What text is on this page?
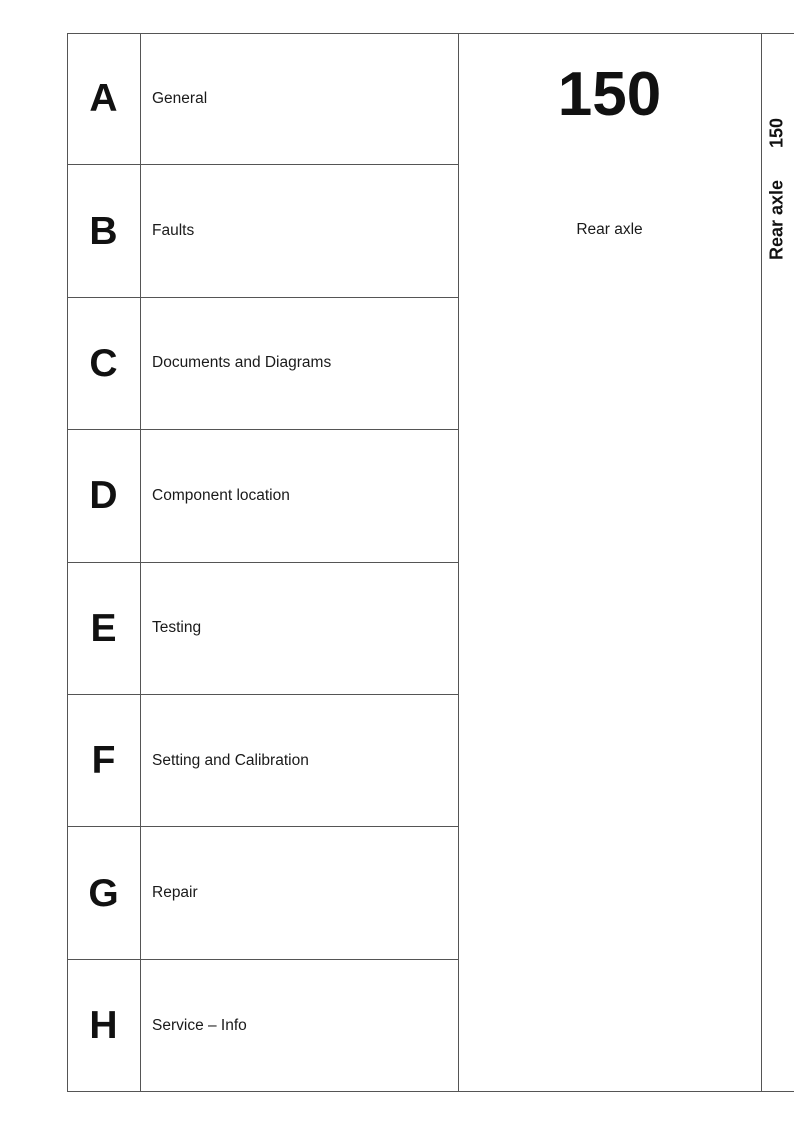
A	General
B	Faults
C	Documents and Diagrams
D	Component location
E	Testing
F	Setting and Calibration
G	Repair
H	Service – Info
150
Rear axle
150
Rear axle
